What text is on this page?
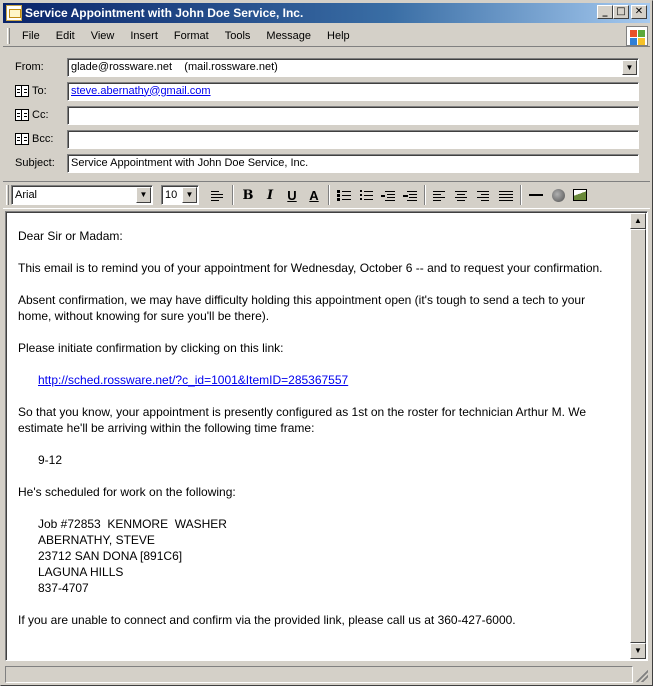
Service Appointment with John Doe Service, Inc.	_ □ ✕
File	Edit	View	Insert	Format	Tools	Message	Help
From:	glade@rossware.net    (mail.rossware.net)	▼
To:	steve.abernathy@gmail.com
Cc:
Bcc:
Subject:	Service Appointment with John Doe Service, Inc.
Arial	▼	10	▼	B	I	U A

Dear Sir or Madam:

This email is to remind you of your appointment for Wednesday, October 6 -- and to request your confirmation.

Absent confirmation, we may have difficulty holding this appointment open (it's tough to send a tech to your home, without knowing for sure you'll be there).

Please initiate confirmation by clicking on this link:

http://sched.rossware.net/?c_id=1001&ItemID=285367557

So that you know, your appointment is presently configured as 1st on the roster for technician Arthur M. We estimate he'll be arriving within the following time frame:

9-12

He's scheduled for work on the following:

Job #72853  KENMORE  WASHER
ABERNATHY, STEVE
23712 SAN DONA [891C6]
LAGUNA HILLS
837-4707

If you are unable to connect and confirm via the provided link, please call us at 360-427-6000.

▲
▼
